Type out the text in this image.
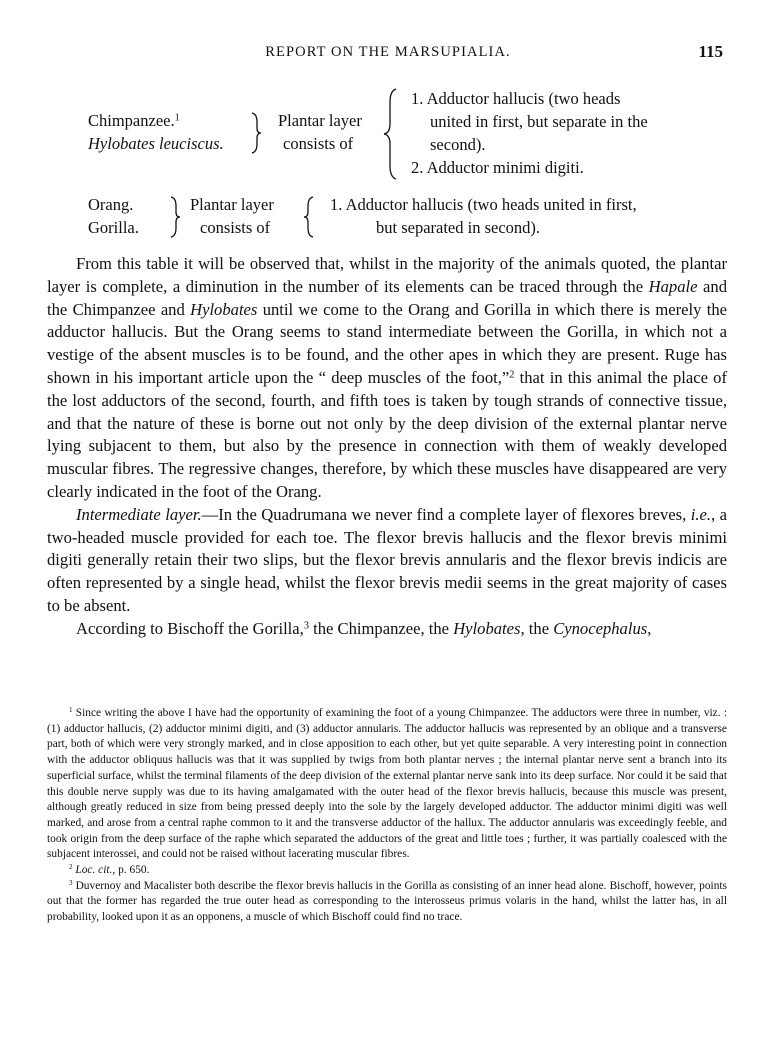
REPORT ON THE MARSUPIALIA.	115
Chimpanzee.$^1$
Hylobates leuciscus.
Plantar layer
consists of
1. Adductor hallucis (two heads
united in first, but separate in the
second).
2. Adductor minimi digiti.
Orang.
Gorilla.
Plantar layer
consists of
1. Adductor hallucis (two heads united in first,
but separated in second).

From this table it will be observed that, whilst in the majority of the animals quoted, the plantar layer is complete, a diminution in the number of its elements can be traced through the Hapale and the Chimpanzee and Hylobates until we come to the Orang and Gorilla in which there is merely the adductor hallucis. But the Orang seems to stand intermediate between the Gorilla, in which not a vestige of the absent muscles is to be found, and the other apes in which they are present. Ruge has shown in his important article upon the “ deep muscles of the foot,”$^2$ that in this animal the place of the lost adductors of the second, fourth, and fifth toes is taken by tough strands of connective tissue, and that the nature of these is borne out not only by the deep division of the external plantar nerve lying subjacent to them, but also by the presence in connection with them of weakly developed muscular fibres. The regressive changes, therefore, by which these muscles have disappeared are very clearly indicated in the foot of the Orang.

Intermediate layer.—In the Quadrumana we never find a complete layer of flexores breves, i.e., a two-headed muscle provided for each toe. The flexor brevis hallucis and the flexor brevis minimi digiti generally retain their two slips, but the flexor brevis annularis and the flexor brevis indicis are often represented by a single head, whilst the flexor brevis medii seems in the great majority of cases to be absent.

According to Bischoff the Gorilla,$^3$ the Chimpanzee, the Hylobates, the Cynocephalus,

$^1$ Since writing the above I have had the opportunity of examining the foot of a young Chimpanzee. The adductors were three in number, viz. : (1) adductor hallucis, (2) adductor minimi digiti, and (3) adductor annularis. The adductor hallucis was represented by an oblique and a transverse part, both of which were very strongly marked, and in close apposition to each other, but yet quite separable. A very interesting point in connection with the adductor obliquus hallucis was that it was supplied by twigs from both plantar nerves ; the internal plantar nerve sent a branch into its superficial surface, whilst the terminal filaments of the deep division of the external plantar nerve sank into its deep surface. Nor could it be said that this double nerve supply was due to its having amalgamated with the outer head of the flexor brevis hallucis, because this muscle was present, although greatly reduced in size from being pressed deeply into the sole by the largely developed adductor. The adductor minimi digiti was well marked, and arose from a central raphe common to it and the transverse adductor of the hallux. The adductor annularis was exceedingly feeble, and took origin from the deep surface of the raphe which separated the adductors of the great and little toes ; further, it was partially coalesced with the subjacent interossei, and could not be raised without lacerating muscular fibres.

$^2$ Loc. cit., p. 650.

$^3$ Duvernoy and Macalister both describe the flexor brevis hallucis in the Gorilla as consisting of an inner head alone. Bischoff, however, points out that the former has regarded the true outer head as corresponding to the interosseus primus volaris in the hand, whilst the latter has, in all probability, looked upon it as an opponens, a muscle of which Bischoff could find no trace.
